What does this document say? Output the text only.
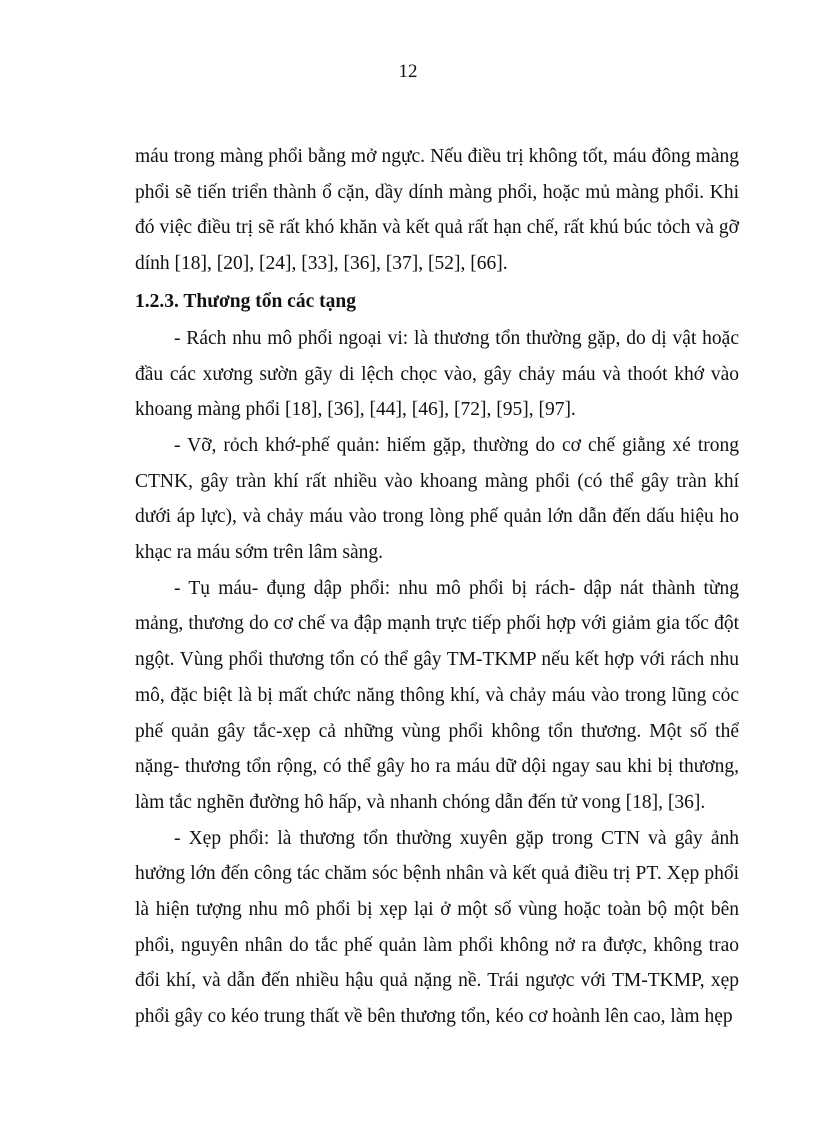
12

máu trong màng phổi bằng mở ngực. Nếu điều trị không tốt, máu đông màng phổi sẽ tiến triển thành ổ cặn, dầy dính màng phổi, hoặc mủ màng phổi. Khi đó việc điều trị sẽ rất khó khăn và kết quả rất hạn chế, rất khú búc tỏch và gỡ dính [18], [20], [24], [33], [36], [37], [52], [66].

1.2.3. Thương tổn các tạng

- Rách nhu mô phổi ngoại vi: là thương tổn thường gặp, do dị vật hoặc đầu các xương sườn gãy di lệch chọc vào, gây chảy máu và thoót khớ vào khoang màng phổi [18], [36], [44], [46], [72], [95], [97].

- Vỡ, rỏch khớ-phế quản: hiếm gặp, thường do cơ chế giằng xé trong CTNK, gây tràn khí rất nhiều vào khoang màng phổi (có thể gây tràn khí dưới áp lực), và chảy máu vào trong lòng phế quản lớn dẫn đến dấu hiệu ho khạc ra máu sớm trên lâm sàng.

- Tụ máu- đụng dập phổi: nhu mô phổi bị rách- dập nát thành từng mảng, thương do cơ chế va đập mạnh trực tiếp phối hợp với giảm gia tốc đột ngột. Vùng phổi thương tổn có thể gây TM-TKMP nếu kết hợp với rách nhu mô, đặc biệt là bị mất chức năng thông khí, và chảy máu vào trong lũng cỏc phế quản gây tắc-xẹp cả những vùng phổi không tổn thương. Một số thể nặng- thương tổn rộng, có thể gây ho ra máu dữ dội ngay sau khi bị thương, làm tắc nghẽn đường hô hấp, và nhanh chóng dẫn đến tử vong [18], [36].

- Xẹp phổi: là thương tổn thường xuyên gặp trong CTN và gây ảnh hưởng lớn đến công tác chăm sóc bệnh nhân và kết quả điều trị PT. Xẹp phổi là hiện tượng nhu mô phổi bị xẹp lại ở một số vùng hoặc toàn bộ một bên phổi, nguyên nhân do tắc phế quản làm phổi không nở ra được, không trao đổi khí, và dẫn đến nhiều hậu quả nặng nề. Trái ngược với TM-TKMP, xẹp phổi gây co kéo trung thất về bên thương tổn, kéo cơ hoành lên cao, làm hẹp
